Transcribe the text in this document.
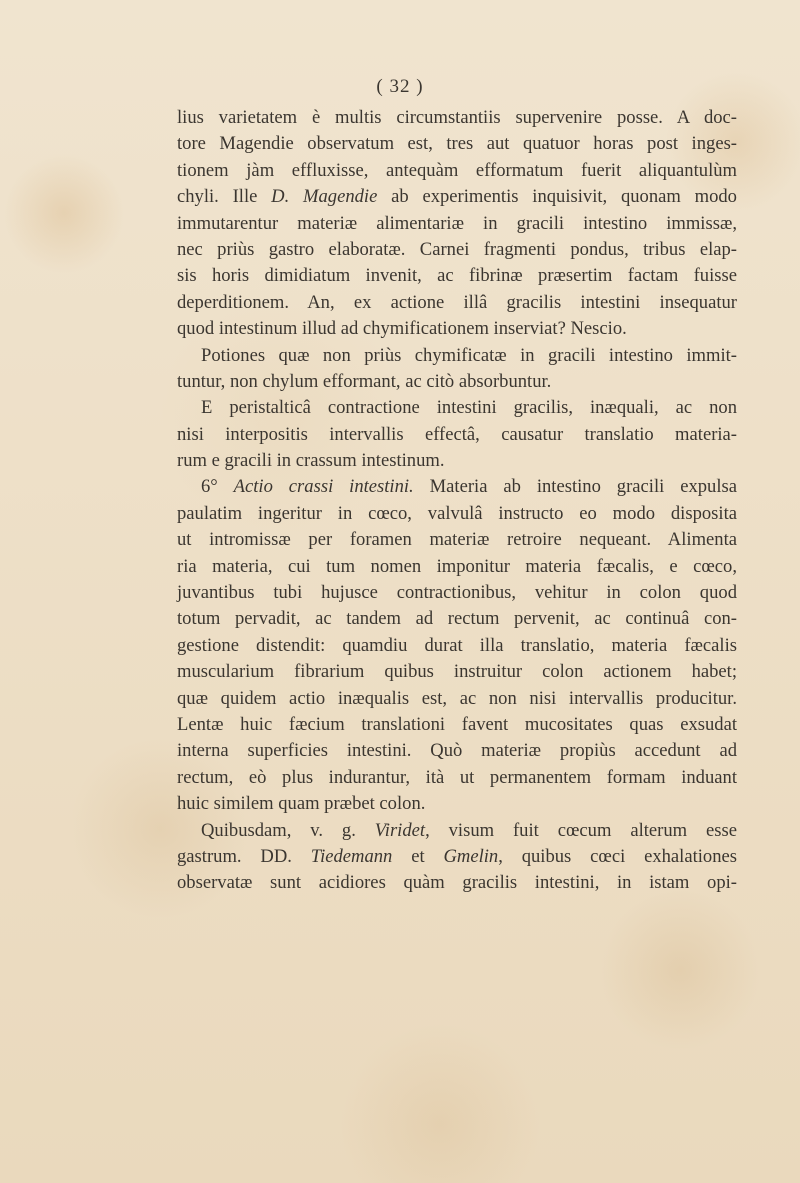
( 32 )
lius varietatem è multis circumstantiis supervenire posse. A doc-
tore Magendie observatum est, tres aut quatuor horas post inges-
tionem jàm effluxisse, antequàm efformatum fuerit aliquantulùm
chyli. Ille D. Magendie ab experimentis inquisivit, quonam modo
immutarentur materiæ alimentariæ in gracili intestino immissæ,
nec priùs gastro elaboratæ. Carnei fragmenti pondus, tribus elap-
sis horis dimidiatum invenit, ac fibrinæ præsertim factam fuisse
deperditionem. An, ex actione illâ gracilis intestini insequatur
quod intestinum illud ad chymificationem inserviat? Nescio.
Potiones quæ non priùs chymificatæ in gracili intestino immit-
tuntur, non chylum efformant, ac citò absorbuntur.
E peristalticâ contractione intestini gracilis, inæquali, ac non
nisi interpositis intervallis effectâ, causatur translatio materia-
rum e gracili in crassum intestinum.
6° Actio crassi intestini. Materia ab intestino gracili expulsa
paulatim ingeritur in cœco, valvulâ instructo eo modo disposita
ut intromissæ per foramen materiæ retroire nequeant. Alimenta
ria materia, cui tum nomen imponitur materia fæcalis, e cœco,
juvantibus tubi hujusce contractionibus, vehitur in colon quod
totum pervadit, ac tandem ad rectum pervenit, ac continuâ con-
gestione distendit: quamdiu durat illa translatio, materia fæcalis
muscularium fibrarium quibus instruitur colon actionem habet;
quæ quidem actio inæqualis est, ac non nisi intervallis producitur.
Lentæ huic fæcium translationi favent mucositates quas exsudat
interna superficies intestini. Quò materiæ propiùs accedunt ad
rectum, eò plus indurantur, ità ut permanentem formam induant
huic similem quam præbet colon.
Quibusdam, v. g. Viridet, visum fuit cœcum alterum esse
gastrum. DD. Tiedemann et Gmelin, quibus cœci exhalationes
observatæ sunt acidiores quàm gracilis intestini, in istam opi-
